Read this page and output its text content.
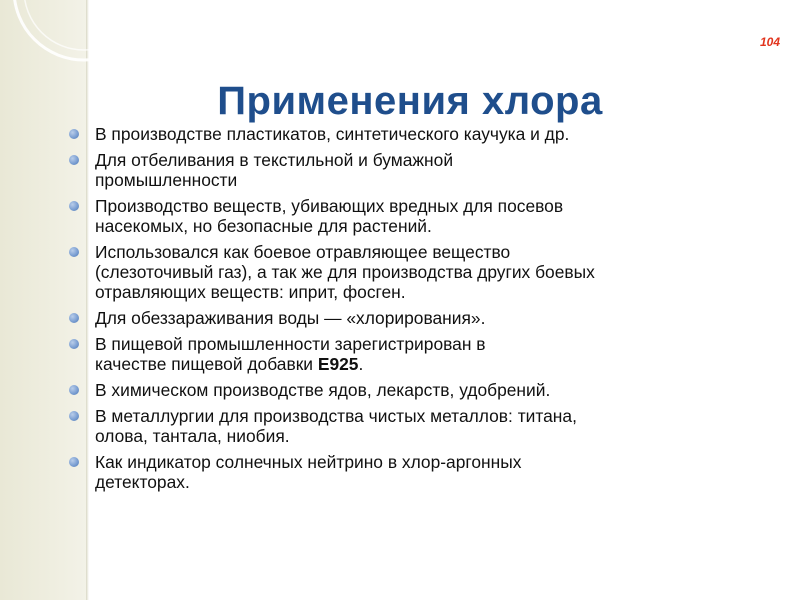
104
Применения хлора
В производстве пластикатов, синтетического каучука и др.
Для отбеливания в текстильной и бумажной
промышленности
Производство веществ, убивающих вредных для посевов
насекомых, но безопасные для растений.
Использовался как боевое отравляющее вещество
(слезоточивый газ), а так же для производства других боевых
отравляющих веществ: иприт, фосген.
Для обеззараживания воды — «хлорирования».
В пищевой промышленности зарегистрирован в
качестве пищевой добавки E925.
В химическом производстве ядов, лекарств, удобрений.
В металлургии для производства чистых металлов: титана,
олова, тантала, ниобия.
Как индикатор солнечных нейтрино в хлор-аргонных
детекторах.
